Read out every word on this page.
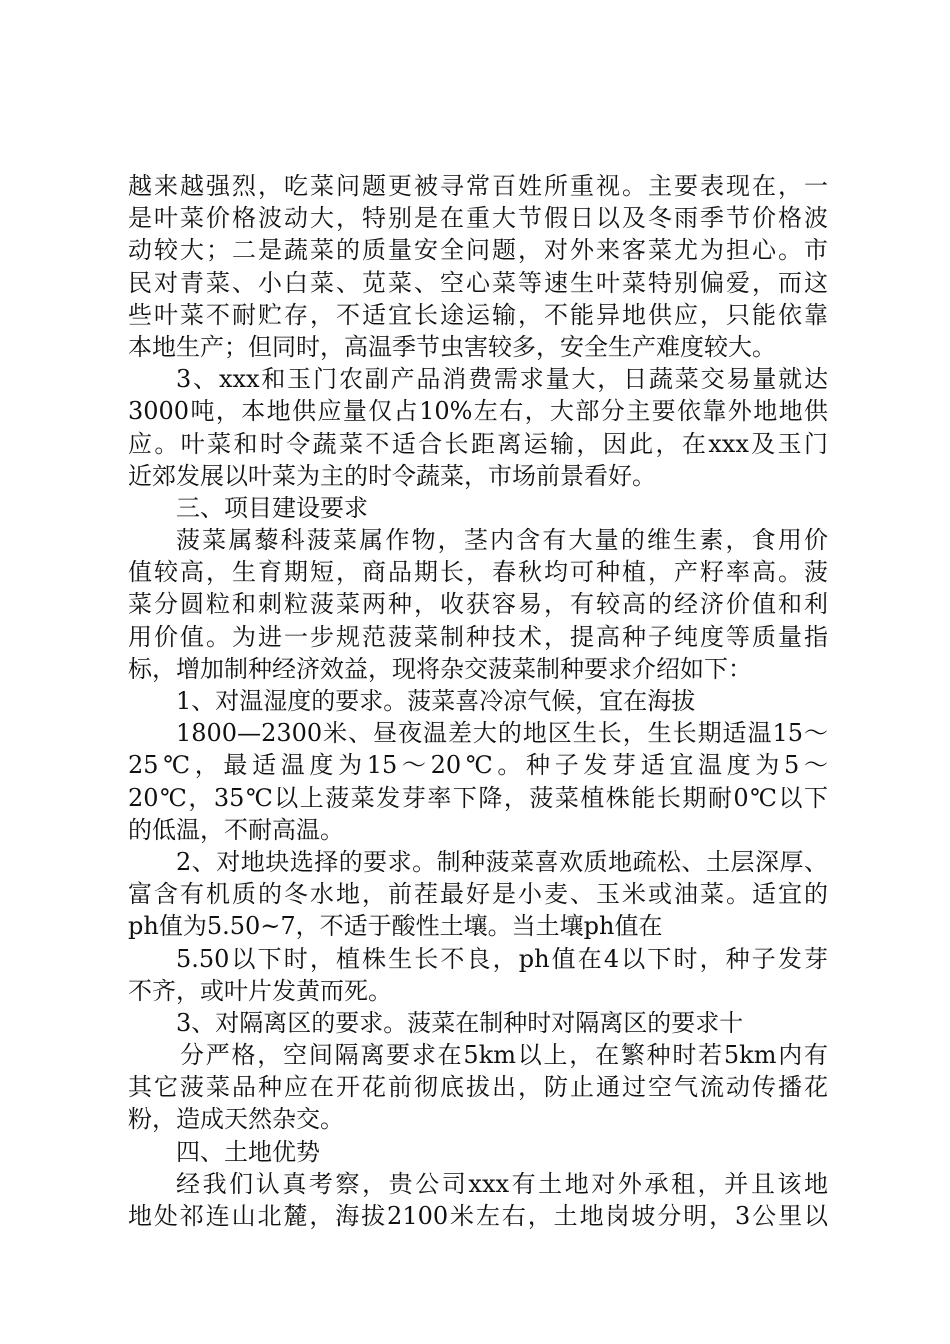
越来越强烈，吃菜问题更被寻常百姓所重视。主要表现在，一
是叶菜价格波动大，特别是在重大节假日以及冬雨季节价格波
动较大；二是蔬菜的质量安全问题，对外来客菜尤为担心。市
民对青菜、小白菜、苋菜、空心菜等速生叶菜特别偏爱，而这
些叶菜不耐贮存，不适宜长途运输，不能异地供应，只能依靠
本地生产；但同时，高温季节虫害较多，安全生产难度较大。
3、xxx和玉门农副产品消费需求量大，日蔬菜交易量就达
3000吨，本地供应量仅占10%左右，大部分主要依靠外地地供
应。叶菜和时令蔬菜不适合长距离运输，因此，在xxx及玉门
近郊发展以叶菜为主的时令蔬菜，市场前景看好。
三、项目建设要求
菠菜属藜科菠菜属作物，茎内含有大量的维生素，食用价
值较高，生育期短，商品期长，春秋均可种植，产籽率高。菠
菜分圆粒和刺粒菠菜两种，收获容易，有较高的经济价值和利
用价值。为进一步规范菠菜制种技术，提高种子纯度等质量指
标，增加制种经济效益，现将杂交菠菜制种要求介绍如下：
1、对温湿度的要求。菠菜喜冷凉气候，宜在海拔
1800—2300米、昼夜温差大的地区生长，生长期适温15～
25℃，最适温度为15～20℃。种子发芽适宜温度为5～
20℃，35℃以上菠菜发芽率下降，菠菜植株能长期耐0℃以下
的低温，不耐高温。
2、对地块选择的要求。制种菠菜喜欢质地疏松、土层深厚、
富含有机质的冬水地，前茬最好是小麦、玉米或油菜。适宜的
ph值为5.50~7，不适于酸性土壤。当土壤ph值在
5.50以下时，植株生长不良，ph值在4以下时，种子发芽
不齐，或叶片发黄而死。
3、对隔离区的要求。菠菜在制种时对隔离区的要求十
分严格，空间隔离要求在5km以上，在繁种时若5km内有
其它菠菜品种应在开花前彻底拔出，防止通过空气流动传播花
粉，造成天然杂交。
四、土地优势
经我们认真考察，贵公司xxx有土地对外承租，并且该地
地处祁连山北麓，海拔2100米左右，土地岗坡分明，3公里以
